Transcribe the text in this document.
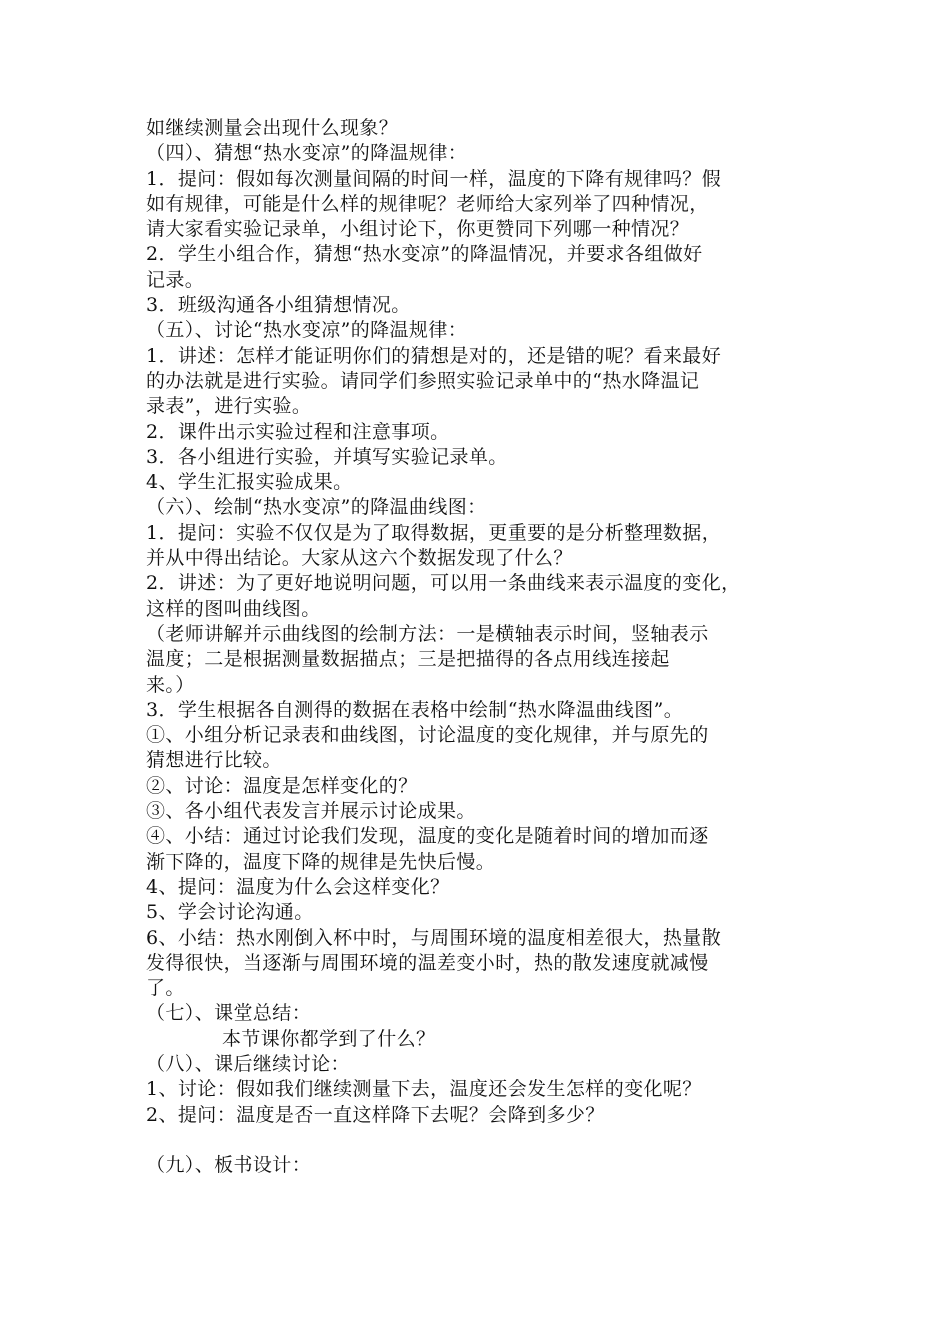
如继续测量会出现什么现象？
（四）、猜想“热水变凉”的降温规律：
1．提问：假如每次测量间隔的时间一样，温度的下降有规律吗？假
如有规律，可能是什么样的规律呢？老师给大家列举了四种情况，
请大家看实验记录单，小组讨论下，你更赞同下列哪一种情况？
2．学生小组合作，猜想“热水变凉”的降温情况，并要求各组做好
记录。
3．班级沟通各小组猜想情况。
（五）、讨论“热水变凉”的降温规律：
1．讲述：怎样才能证明你们的猜想是对的，还是错的呢？看来最好
的办法就是进行实验。请同学们参照实验记录单中的“热水降温记
录表”，进行实验。
2．课件出示实验过程和注意事项。
3．各小组进行实验，并填写实验记录单。
4、学生汇报实验成果。
（六）、绘制“热水变凉”的降温曲线图：
1．提问：实验不仅仅是为了取得数据，更重要的是分析整理数据，
并从中得出结论。大家从这六个数据发现了什么？
2．讲述：为了更好地说明问题，可以用一条曲线来表示温度的变化，
这样的图叫曲线图。
（老师讲解并示曲线图的绘制方法：一是横轴表示时间，竖轴表示
温度；二是根据测量数据描点；三是把描得的各点用线连接起
来。）
3．学生根据各自测得的数据在表格中绘制“热水降温曲线图”。
①、小组分析记录表和曲线图，讨论温度的变化规律，并与原先的
猜想进行比较。
②、讨论：温度是怎样变化的？
③、各小组代表发言并展示讨论成果。
④、小结：通过讨论我们发现，温度的变化是随着时间的增加而逐
渐下降的，温度下降的规律是先快后慢。
4、提问：温度为什么会这样变化？
5、学会讨论沟通。
6、小结：热水刚倒入杯中时，与周围环境的温度相差很大，热量散
发得很快，当逐渐与周围环境的温差变小时，热的散发速度就减慢
了。
（七）、课堂总结：
本节课你都学到了什么？
（八）、课后继续讨论：
1、讨论：假如我们继续测量下去，温度还会发生怎样的变化呢？
2、提问：温度是否一直这样降下去呢？会降到多少？
（九）、板书设计：
